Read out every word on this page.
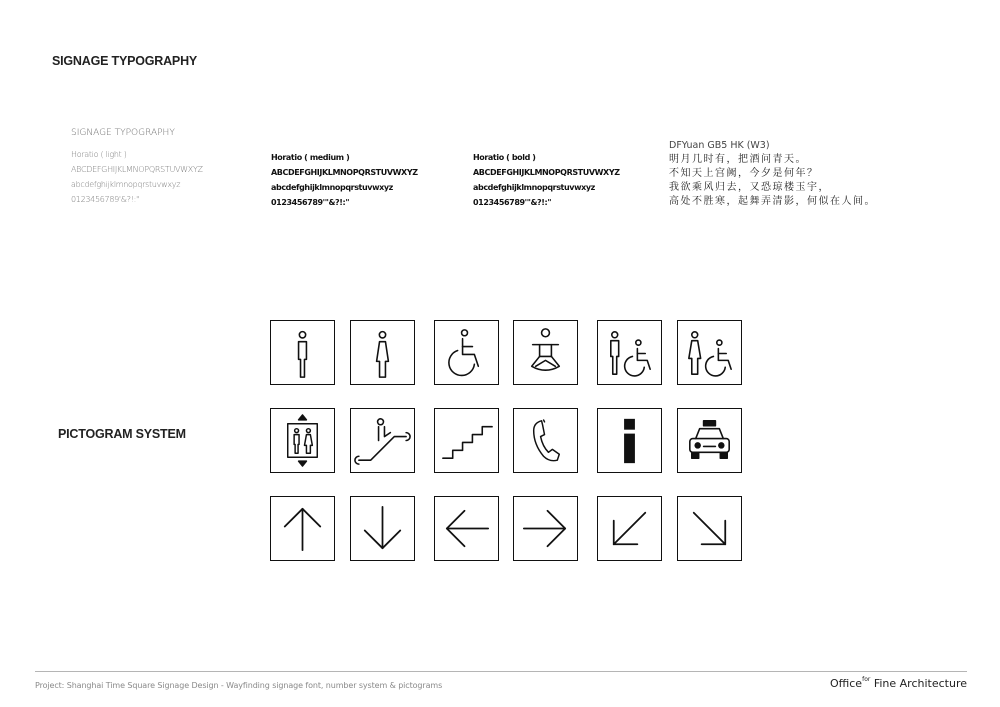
SIGNAGE TYPOGRAPHY
SIGNAGE TYPOGRAPHY
Horatio ( light )
ABCDEFGHIJKLMNOPQRSTUVWXYZ
abcdefghijklmnopqrstuvwxyz
0123456789'&?!:"
Horatio ( medium )
ABCDEFGHIJKLMNOPQRSTUVWXYZ
abcdefghijklmnopqrstuvwxyz
0123456789'"&?!:"
Horatio ( bold )
ABCDEFGHIJKLMNOPQRSTUVWXYZ
abcdefghijklmnopqrstuvwxyz
0123456789'"&?!:"
DFYuan GB5 HK (W3)
明月几时有，把酒问青天。
不知天上宫阙，今夕是何年？
我欲乘风归去，又恐琼楼玉宇，
高处不胜寒，起舞弄清影，何似在人间。
PICTOGRAM SYSTEM
Project: Shanghai Time Square Signage Design - Wayfinding signage font, number system & pictograms	Office$^{for}$ Fine Architecture
